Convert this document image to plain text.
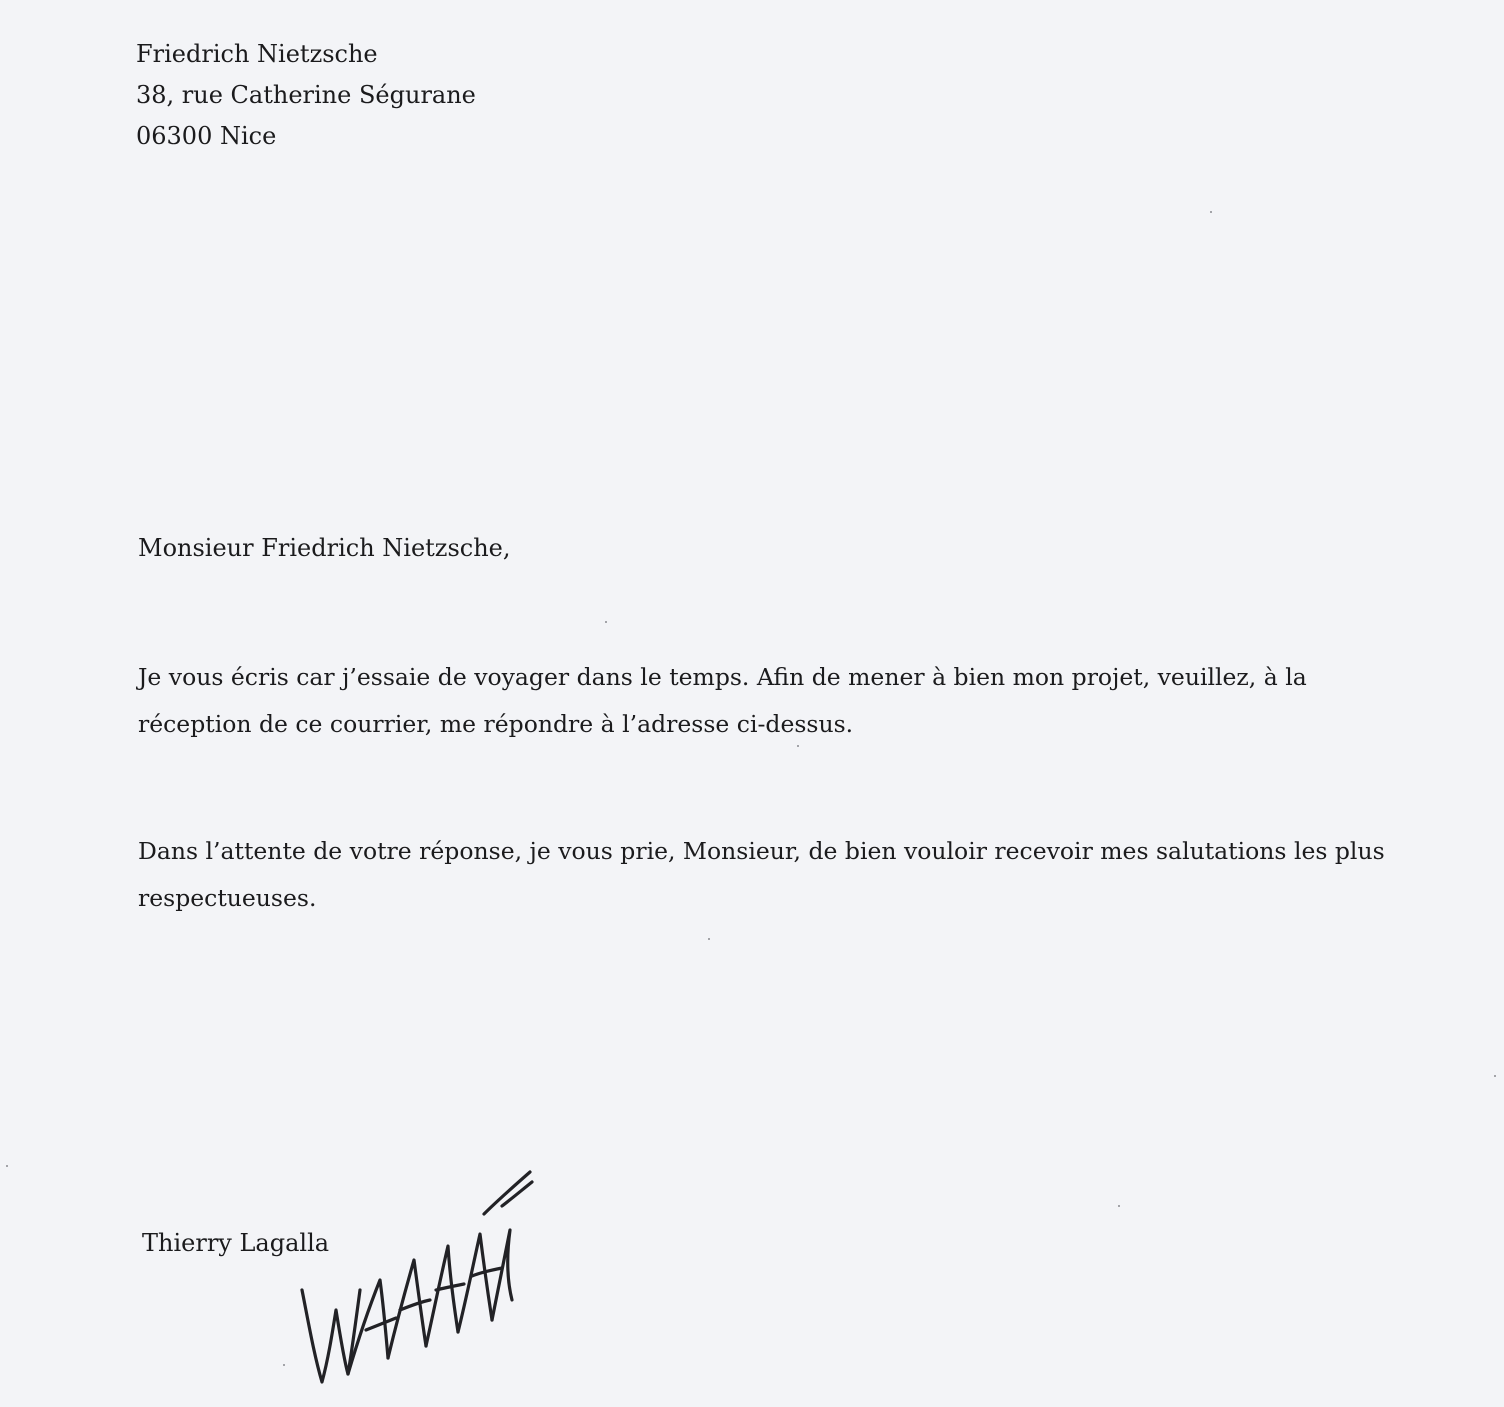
Friedrich Nietzsche
38, rue Catherine Ségurane
06300 Nice
Monsieur Friedrich Nietzsche,

Je vous écris car j’essaie de voyager dans le temps. Afin de mener à bien mon projet, veuillez, à la réception de ce courrier, me répondre à l’adresse ci-dessus.

Dans l’attente de votre réponse, je vous prie, Monsieur, de bien vouloir recevoir mes salutations les plus respectueuses.

Thierry Lagalla
